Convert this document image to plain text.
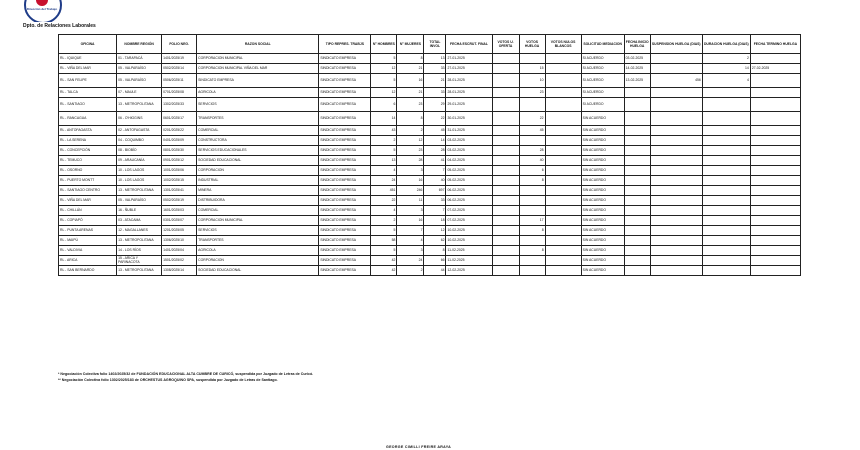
Dirección del Trabajo
Dpto. de Relaciones Laborales
OFICINA	NOMBRE REGIÓN	FOLIO NEG.	RAZON SOCIAL	TIPO REPRES. TRABJS	N° HOMBRES	N° MUJERES	TOTAL INVOL	FECHA ESCRUT. FINAL	VOTOS U. OFERTA	VOTOS HUELGA	VOTOS NULOS BLANCOS	SOLICITUD MEDIACION	FECHA INICIO HUELGA	SUSPENSION HUELGA (DIAS)	DURACION HUELGA (DIAS)	FECHA TERMINO HUELGA
RL - IQUIQUE	01 - TARAPACÁ	1401/2025/19	CORPORACION MUNICIPAL	SINDICATO EMPRESA	5	8	13	27-01-2025				SI ACUERDO	03-02-2025		2	
RL - VIÑA DEL MAR	05 - VALPARAÍSO	0502/2025/14	CORPORACION MUNICIPAL VIÑA DEL MAR	SINDICATO EMPRESA	12	21	33	27-01-2025		15		SI ACUERDO	14-02-2025		14	27-02-2025
RL - SAN FELIPE	05 - VALPARAÍSO	0506/2025/11	SINDICATO EMPRESA	SINDICATO EMPRESA	5	16	21	28-01-2025		10		SI ACUERDO	13-02-2025	456	4	
RL - TALCA	07 - MAULE	0701/2025/08	AGRICOLA	SINDICATO EMPRESA	12	21	33	28-01-2025		23		SI ACUERDO				
RL - SANTIAGO	13 - METROPOLITANA	1302/2025/33	SERVICIOS	SINDICATO EMPRESA	6	23	29	29-01-2025				SI ACUERDO				
RL - RANCAGUA	06 - O'HIGGINS	0601/2025/17	TRANSPORTES	SINDICATO EMPRESA	14	8	22	30-01-2025		22		SIN ACUERDO				
RL - ANTOFAGASTA	02 - ANTOFAGASTA	0201/2025/22	COMERCIAL	SINDICATO EMPRESA	43	2	45	31-01-2025		45		SIN ACUERDO				
RL - LA SERENA	04 - COQUIMBO	0401/2025/09	CONSTRUCTORA	SINDICATO EMPRESA	2	12	14	03-02-2025				SIN ACUERDO				
RL - CONCEPCIÓN	08 - BIOBÍO	0801/2025/30	SERVICIOS EDUCACIONALES	SINDICATO EMPRESA	5	23	28	03-02-2025		28		SIN ACUERDO				
RL - TEMUCO	09 - ARAUCANÍA	0901/2025/12	SOCIEDAD EDUCACIONAL	SINDICATO EMPRESA	13	28	41	04-02-2025		40		SIN ACUERDO				
RL - OSORNO	10 - LOS LAGOS	1001/2025/06	CORPORACION	SINDICATO EMPRESA	4	3	7	05-02-2025		6		SIN ACUERDO				
RL - PUERTO MONTT	10 - LOS LAGOS	1002/2025/15	INDUSTRIAL	SINDICATO EMPRESA	24	16	40	05-02-2025		8		SIN ACUERDO				
RL - SANTIAGO CENTRO	13 - METROPOLITANA	1301/2025/41	MINERA	SINDICATO EMPRESA	451	246	697	06-02-2025				SIN ACUERDO				
RL - VIÑA DEL MAR	05 - VALPARAÍSO	0502/2025/19	DISTRIBUIDORA	SINDICATO EMPRESA	22	11	33	06-02-2025				SIN ACUERDO				
RL - CHILLÁN	16 - ÑUBLE	1601/2025/03	COMERCIAL	SINDICATO EMPRESA	4	3	7	07-02-2025				SIN ACUERDO				
RL - COPIAPÓ	03 - ATACAMA	0301/2025/07	CORPORACION MUNICIPAL	SINDICATO EMPRESA	2	16	18	07-02-2025		17		SIN ACUERDO				
RL - PUNTA ARENAS	12 - MAGALLANES	1201/2025/05	SERVICIOS	SINDICATO EMPRESA	5	7	12	10-02-2025		8		SIN ACUERDO				
RL - MAIPÚ	13 - METROPOLITANA	1306/2025/10	TRANSPORTES	SINDICATO EMPRESA	58	4	62	10-02-2025				SIN ACUERDO				
RL - VALDIVIA	14 - LOS RÍOS	1401/2025/04	AGRICOLA	SINDICATO EMPRESA	5	3	8	11-02-2025		8		SIN ACUERDO				
RL - ARICA	15 - ARICA Y PARINACOTA	1501/2025/02	CORPORACION	SINDICATO EMPRESA	42	24	66	11-02-2025				SIN ACUERDO				
RL - SAN BERNARDO	13 - METROPOLITANA	1308/2025/14	SOCIEDAD EDUCACIONAL	SINDICATO EMPRESA	42	2	44	12-02-2025				SIN ACUERDO				
* Negociación Colectiva folio 1402/2025/32 de FUNDACIÓN EDUCACIONAL ALTA CUMBRE DE CURICÓ, suspendida por Juzgado de Letras de Curicó.
** Negociación Colectiva folio 1302/2025/183 de ORCHESTUS AGROQUINO SPA, suspendida por Juzgado de Letras de Santiago.
GEORGE CIMILLI FREIRE ARAYA
